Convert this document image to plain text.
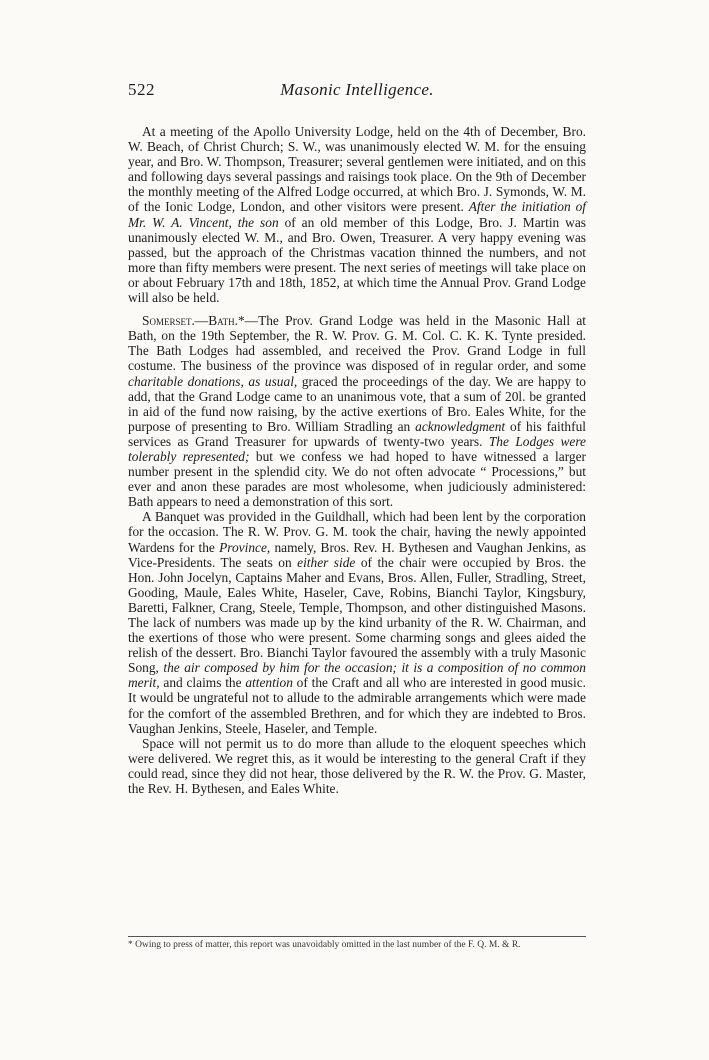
522	Masonic Intelligence.

At a meeting of the Apollo University Lodge, held on the 4th of December, Bro. W. Beach, of Christ Church; S. W., was unanimously elected W. M. for the ensuing year, and Bro. W. Thompson, Treasurer; several gentlemen were initiated, and on this and following days several passings and raisings took place. On the 9th of December the monthly meeting of the Alfred Lodge occurred, at which Bro. J. Symonds, W. M. of the Ionic Lodge, London, and other visitors were present. After the initiation of Mr. W. A. Vincent, the son of an old member of this Lodge, Bro. J. Martin was unanimously elected W. M., and Bro. Owen, Treasurer. A very happy evening was passed, but the approach of the Christmas vacation thinned the numbers, and not more than fifty members were present. The next series of meetings will take place on or about February 17th and 18th, 1852, at which time the Annual Prov. Grand Lodge will also be held.

Somerset.—Bath.*—The Prov. Grand Lodge was held in the Masonic Hall at Bath, on the 19th September, the R. W. Prov. G. M. Col. C. K. K. Tynte presided. The Bath Lodges had assembled, and received the Prov. Grand Lodge in full costume. The business of the province was disposed of in regular order, and some charitable donations, as usual, graced the proceedings of the day. We are happy to add, that the Grand Lodge came to an unanimous vote, that a sum of 20l. be granted in aid of the fund now raising, by the active exertions of Bro. Eales White, for the purpose of presenting to Bro. William Stradling an acknowledgment of his faithful services as Grand Treasurer for upwards of twenty-two years. The Lodges were tolerably represented; but we confess we had hoped to have witnessed a larger number present in the splendid city. We do not often advocate “ Processions,” but ever and anon these parades are most wholesome, when judiciously administered: Bath appears to need a demonstration of this sort.

A Banquet was provided in the Guildhall, which had been lent by the corporation for the occasion. The R. W. Prov. G. M. took the chair, having the newly appointed Wardens for the Province, namely, Bros. Rev. H. Bythesen and Vaughan Jenkins, as Vice-Presidents. The seats on either side of the chair were occupied by Bros. the Hon. John Jocelyn, Captains Maher and Evans, Bros. Allen, Fuller, Stradling, Street, Gooding, Maule, Eales White, Haseler, Cave, Robins, Bianchi Taylor, Kingsbury, Baretti, Falkner, Crang, Steele, Temple, Thompson, and other distinguished Masons. The lack of numbers was made up by the kind urbanity of the R. W. Chairman, and the exertions of those who were present. Some charming songs and glees aided the relish of the dessert. Bro. Bianchi Taylor favoured the assembly with a truly Masonic Song, the air composed by him for the occasion; it is a composition of no common merit, and claims the attention of the Craft and all who are interested in good music. It would be ungrateful not to allude to the admirable arrangements which were made for the comfort of the assembled Brethren, and for which they are indebted to Bros. Vaughan Jenkins, Steele, Haseler, and Temple.

Space will not permit us to do more than allude to the eloquent speeches which were delivered. We regret this, as it would be interesting to the general Craft if they could read, since they did not hear, those delivered by the R. W. the Prov. G. Master, the Rev. H. Bythesen, and Eales White.

* Owing to press of matter, this report was unavoidably omitted in the last number of the F. Q. M. & R.
